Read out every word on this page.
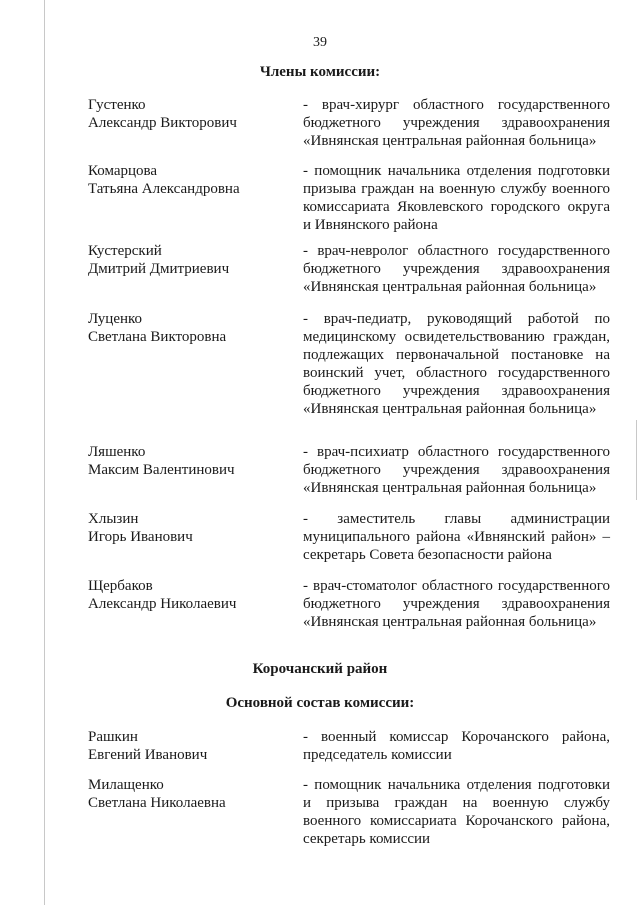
39
Члены комиссии:
Густенко
Александр Викторович
- врач-хирург областного государственного бюджетного учреждения здравоохранения «Ивнянская центральная районная больница»
Комарцова
Татьяна Александровна
- помощник начальника отделения подготовки призыва граждан на военную службу военного комиссариата Яковлевского городского округа и Ивнянского района
Кустерский
Дмитрий Дмитриевич
- врач-невролог областного государственного бюджетного учреждения здравоохранения «Ивнянская центральная районная больница»
Луценко
Светлана Викторовна
- врач-педиатр, руководящий работой по медицинскому освидетельствованию граждан, подлежащих первоначальной постановке на воинский учет, областного государственного бюджетного учреждения здравоохранения «Ивнянская центральная районная больница»
Ляшенко
Максим Валентинович
- врач-психиатр областного государственного бюджетного учреждения здравоохранения «Ивнянская центральная районная больница»
Хлызин
Игорь Иванович
- заместитель главы администрации муниципального района «Ивнянский район» – секретарь Совета безопасности района
Щербаков
Александр Николаевич
- врач-стоматолог областного государственного бюджетного учреждения здравоохранения «Ивнянская центральная районная больница»
Корочанский район
Основной состав комиссии:
Рашкин
Евгений Иванович
- военный комиссар Корочанского района, председатель комиссии
Милащенко
Светлана Николаевна
- помощник начальника отделения подготовки и призыва граждан на военную службу военного комиссариата Корочанского района, секретарь комиссии
